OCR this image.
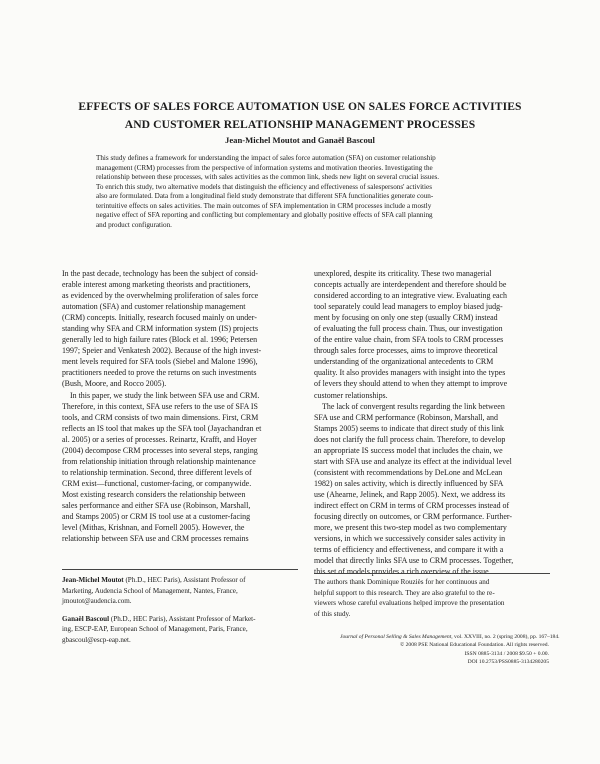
EFFECTS OF SALES FORCE AUTOMATION USE ON SALES FORCE ACTIVITIES
AND CUSTOMER RELATIONSHIP MANAGEMENT PROCESSES
Jean-Michel Moutot and Ganaël Bascoul
This study defines a framework for understanding the impact of sales force automation (SFA) on customer relationship
management (CRM) processes from the perspective of information systems and motivation theories. Investigating the
relationship between these processes, with sales activities as the common link, sheds new light on several crucial issues.
To enrich this study, two alternative models that distinguish the efficiency and effectiveness of salespersons' activities
also are formulated. Data from a longitudinal field study demonstrate that different SFA functionalities generate coun-
terintuitive effects on sales activities. The main outcomes of SFA implementation in CRM processes include a mostly
negative effect of SFA reporting and conflicting but complementary and globally positive effects of SFA call planning
and product configuration.
In the past decade, technology has been the subject of consid-
erable interest among marketing theorists and practitioners,
as evidenced by the overwhelming proliferation of sales force
automation (SFA) and customer relationship management
(CRM) concepts. Initially, research focused mainly on under-
standing why SFA and CRM information system (IS) projects
generally led to high failure rates (Block et al. 1996; Petersen
1997; Speier and Venkatesh 2002). Because of the high invest-
ment levels required for SFA tools (Siebel and Malone 1996),
practitioners needed to prove the returns on such investments
(Bush, Moore, and Rocco 2005).
In this paper, we study the link between SFA use and CRM.
Therefore, in this context, SFA use refers to the use of SFA IS
tools, and CRM consists of two main dimensions. First, CRM
reflects an IS tool that makes up the SFA tool (Jayachandran et
al. 2005) or a series of processes. Reinartz, Krafft, and Hoyer
(2004) decompose CRM processes into several steps, ranging
from relationship initiation through relationship maintenance
to relationship termination. Second, three different levels of
CRM exist—functional, customer-facing, or companywide.
Most existing research considers the relationship between
sales performance and either SFA use (Robinson, Marshall,
and Stamps 2005) or CRM IS tool use at a customer-facing
level (Mithas, Krishnan, and Fornell 2005). However, the
relationship between SFA use and CRM processes remains
unexplored, despite its criticality. These two managerial
concepts actually are interdependent and therefore should be
considered according to an integrative view. Evaluating each
tool separately could lead managers to employ biased judg-
ment by focusing on only one step (usually CRM) instead
of evaluating the full process chain. Thus, our investigation
of the entire value chain, from SFA tools to CRM processes
through sales force processes, aims to improve theoretical
understanding of the organizational antecedents to CRM
quality. It also provides managers with insight into the types
of levers they should attend to when they attempt to improve
customer relationships.
The lack of convergent results regarding the link between
SFA use and CRM performance (Robinson, Marshall, and
Stamps 2005) seems to indicate that direct study of this link
does not clarify the full process chain. Therefore, to develop
an appropriate IS success model that includes the chain, we
start with SFA use and analyze its effect at the individual level
(consistent with recommendations by DeLone and McLean
1982) on sales activity, which is directly influenced by SFA
use (Ahearne, Jelinek, and Rapp 2005). Next, we address its
indirect effect on CRM in terms of CRM processes instead of
focusing directly on outcomes, or CRM performance. Further-
more, we present this two-step model as two complementary
versions, in which we successively consider sales activity in
terms of efficiency and effectiveness, and compare it with a
model that directly links SFA use to CRM processes. Together,
this set of models provides a rich overview of the issue.
Jean-Michel Moutot (Ph.D., HEC Paris), Assistant Professor of
Marketing, Audencia School of Management, Nantes, France,
jmoutot@audencia.com.
Ganaël Bascoul (Ph.D., HEC Paris), Assistant Professor of Market-
ing, ESCP-EAP, European School of Management, Paris, France,
gbascoul@escp-eap.net.
The authors thank Dominique Rouziès for her continuous and
helpful support to this research. They are also grateful to the re-
viewers whose careful evaluations helped improve the presentation
of this study.
Journal of Personal Selling & Sales Management, vol. XXVIII, no. 2 (spring 2008), pp. 167–184.
© 2008 PSE National Educational Foundation. All rights reserved.
ISSN 0885-3134 / 2008 $9.50 + 0.00.
DOI 10.2753/PSS0885-3134280205
